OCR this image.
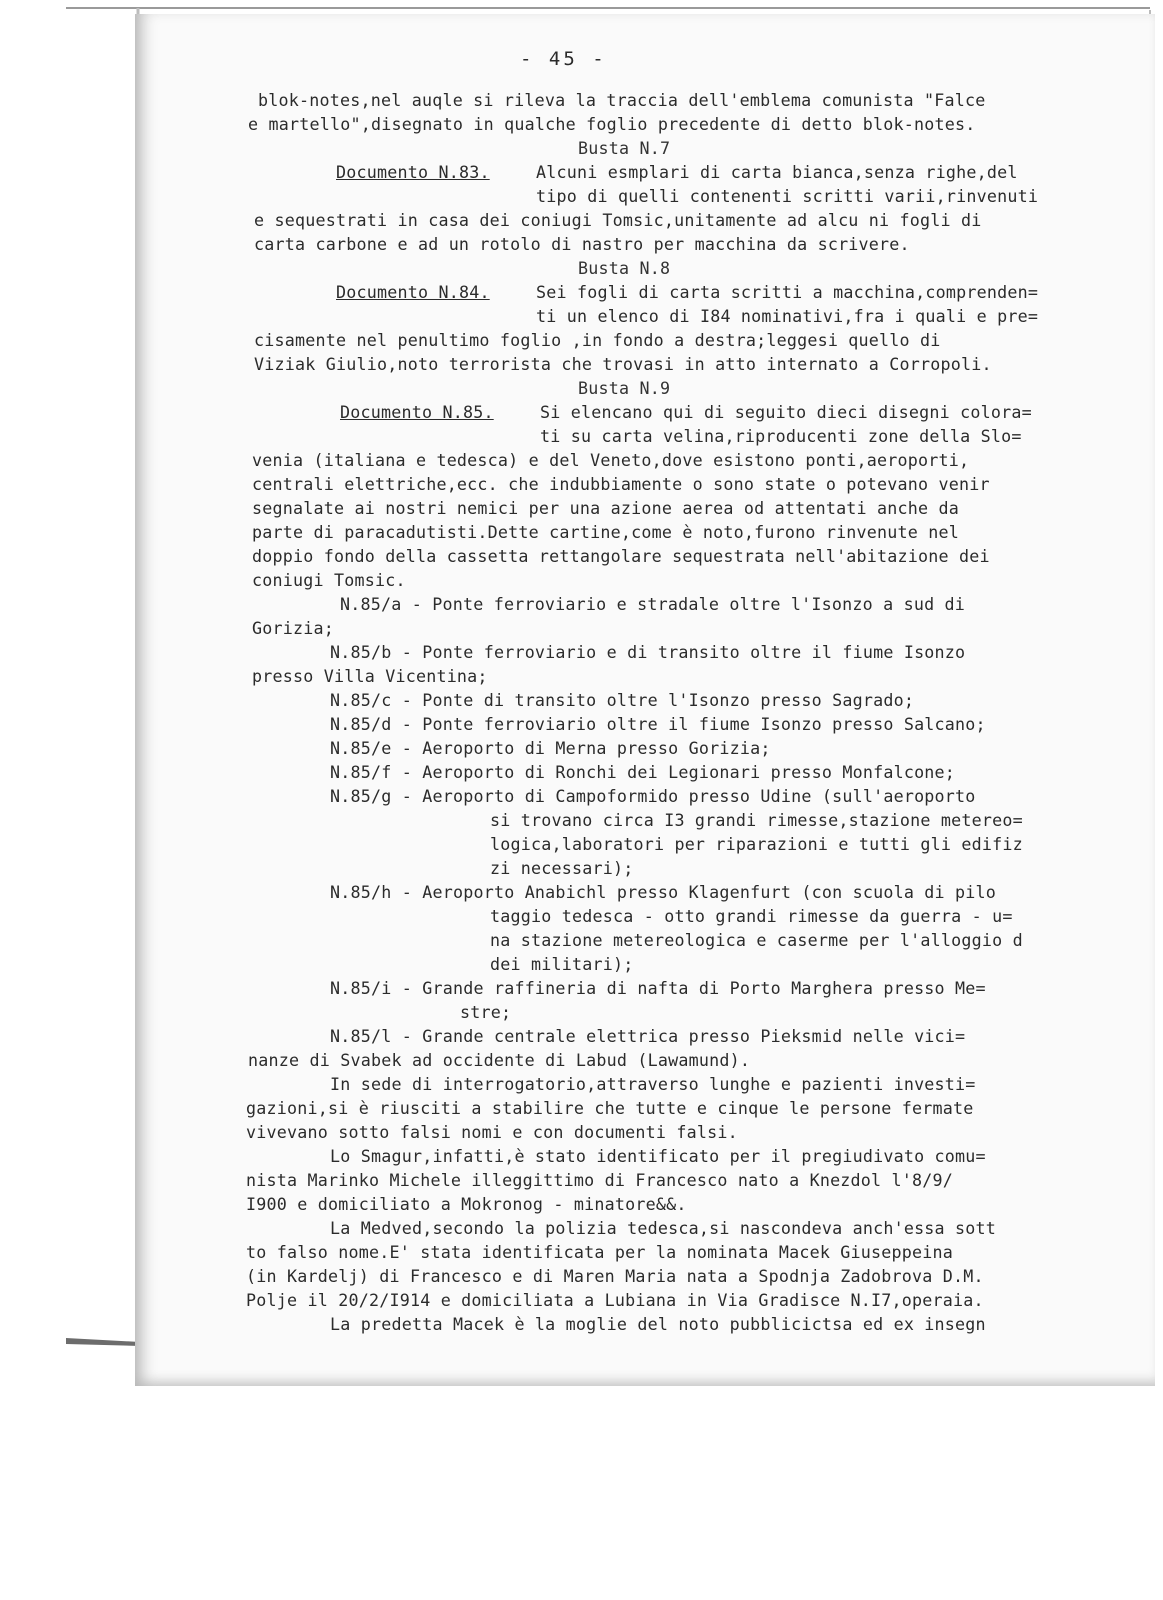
- 45 -
blok-notes,nel auqle si rileva la traccia dell'emblema comunista "Falce
e martello",disegnato in qualche foglio precedente di detto blok-notes.
Busta N.7
Documento N.83.	Alcuni esmplari di carta bianca,senza righe,del
tipo di quelli contenenti scritti varii,rinvenuti
e sequestrati in casa dei coniugi Tomsic,unitamente ad alcu ni fogli di
carta carbone e ad un rotolo di nastro per macchina da scrivere.
Busta N.8
Documento N.84.	Sei fogli di carta scritti a macchina,comprenden=
ti un elenco di I84 nominativi,fra i quali e pre=
cisamente nel penultimo foglio ,in fondo a destra;leggesi quello di
Viziak Giulio,noto terrorista che trovasi in atto internato a Corropoli.
Busta N.9
Documento N.85.	Si elencano qui di seguito dieci disegni colora=
ti su carta velina,riproducenti zone della Slo=
venia (italiana e tedesca) e del Veneto,dove esistono ponti,aeroporti,
centrali elettriche,ecc. che indubbiamente o sono state o potevano venir
segnalate ai nostri nemici per una azione aerea od attentati anche da
parte di paracadutisti.Dette cartine,come è noto,furono rinvenute nel
doppio fondo della cassetta rettangolare sequestrata nell'abitazione dei
coniugi Tomsic.
N.85/a - Ponte ferroviario e stradale oltre l'Isonzo a sud di
Gorizia;
N.85/b - Ponte ferroviario e di transito oltre il fiume Isonzo
presso Villa Vicentina;
N.85/c - Ponte di transito oltre l'Isonzo presso Sagrado;
N.85/d - Ponte ferroviario oltre il fiume Isonzo presso Salcano;
N.85/e - Aeroporto di Merna presso Gorizia;
N.85/f - Aeroporto di Ronchi dei Legionari presso Monfalcone;
N.85/g - Aeroporto di Campoformido presso Udine (sull'aeroporto
si trovano circa I3 grandi rimesse,stazione metereo=
logica,laboratori per riparazioni e tutti gli edifiz
zi necessari);
N.85/h - Aeroporto Anabichl presso Klagenfurt (con scuola di pilo
taggio tedesca - otto grandi rimesse da guerra - u=
na stazione metereologica e caserme per l'alloggio d
dei militari);
N.85/i - Grande raffineria di nafta di Porto Marghera presso Me=
stre;
N.85/l - Grande centrale elettrica presso Pieksmid nelle vici=
nanze di Svabek ad occidente di Labud (Lawamund).
In sede di interrogatorio,attraverso lunghe e pazienti investi=
gazioni,si è riusciti a stabilire che tutte e cinque le persone fermate
vivevano sotto falsi nomi e con documenti falsi.
Lo Smagur,infatti,è stato identificato per il pregiudivato comu=
nista Marinko Michele illeggittimo di Francesco nato a Knezdol l'8/9/
I900 e domiciliato a Mokronog - minatore&&.
La Medved,secondo la polizia tedesca,si nascondeva anch'essa sott
to falso nome.E' stata identificata per la nominata Macek Giuseppeina
(in Kardelj) di Francesco e di Maren Maria nata a Spodnja Zadobrova D.M.
Polje il 20/2/I914 e domiciliata a Lubiana in Via Gradisce N.I7,operaia.
La predetta Macek è la moglie del noto pubblicictsa ed ex insegn
